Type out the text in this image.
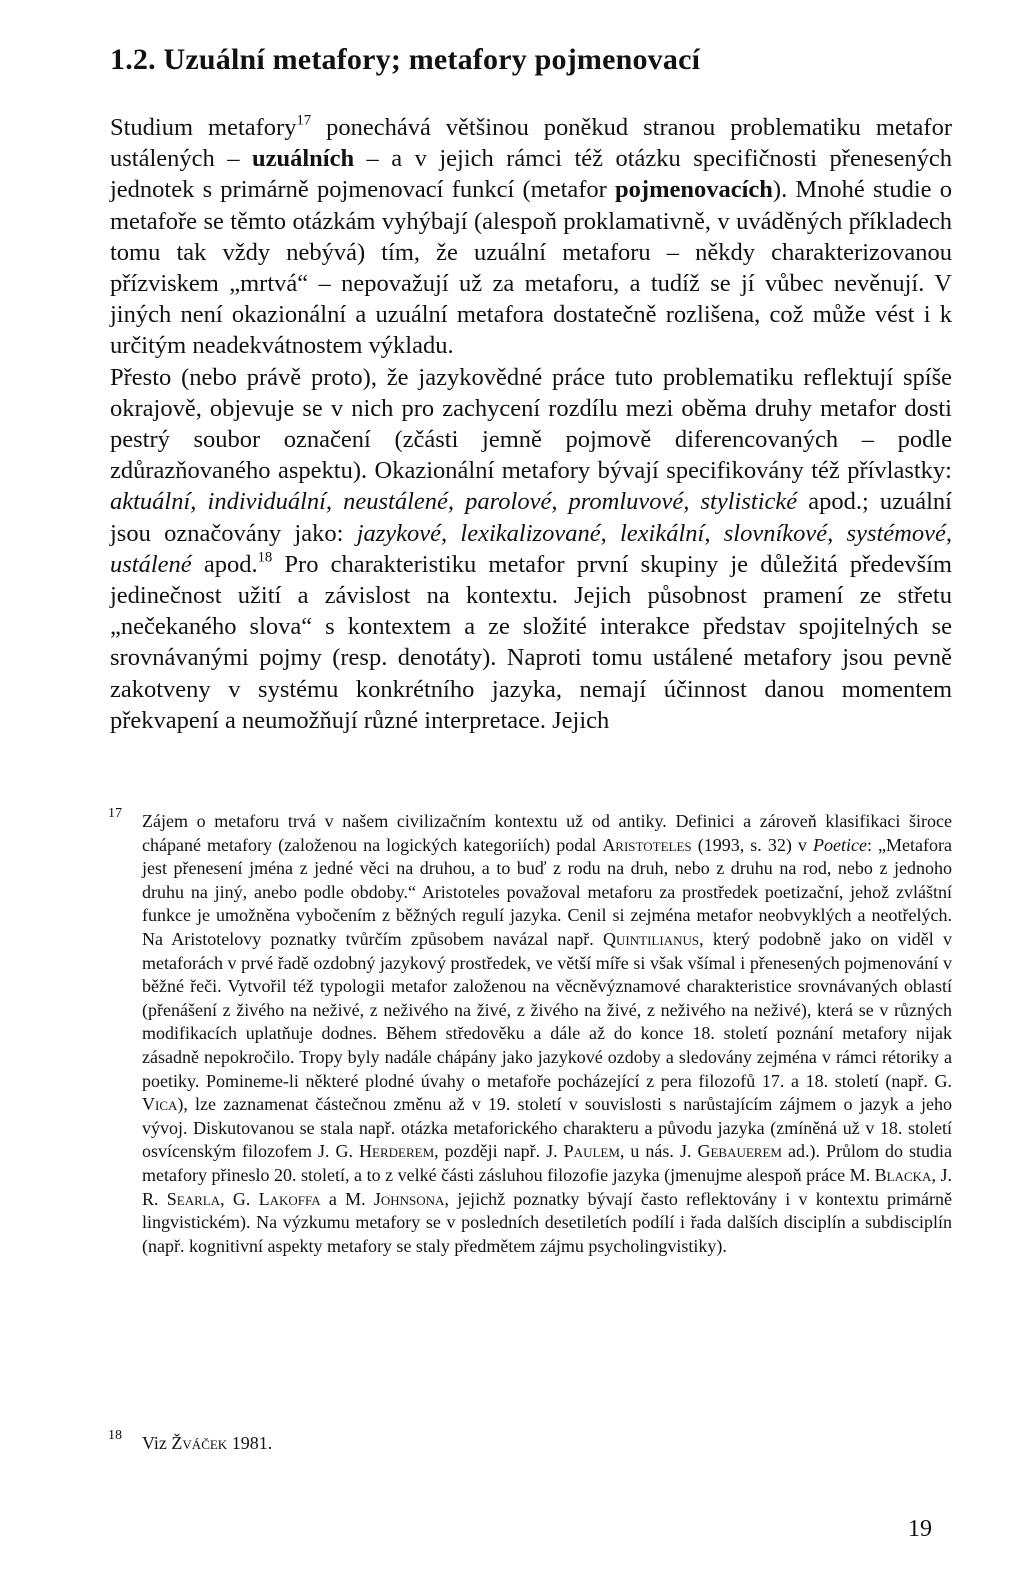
1.2. Uzuální metafory; metafory pojmenovací

Studium metafory$^{17}$ ponechává většinou poněkud stranou problematiku metafor ustálených – uzuálních – a v jejich rámci též otázku specifičnosti přenesených jednotek s primárně pojmenovací funkcí (metafor pojmenovacích). Mnohé studie o metafoře se těmto otázkám vyhýbají (alespoň proklamativně, v uváděných příkladech tomu tak vždy nebývá) tím, že uzuální metaforu – někdy charakterizovanou přízviskem „mrtvá“ – nepovažují už za metaforu, a tudíž se jí vůbec nevěnují. V jiných není okazionální a uzuální metafora dostatečně rozlišena, což může vést i k určitým neadekvátnostem výkladu.

Přesto (nebo právě proto), že jazykovědné práce tuto problematiku reflektují spíše okrajově, objevuje se v nich pro zachycení rozdílu mezi oběma druhy metafor dosti pestrý soubor označení (zčásti jemně pojmově diferencovaných – podle zdůrazňovaného aspektu). Okazionální metafory bývají specifikovány též přívlastky: aktuální, individuální, neustálené, parolové, promluvové, stylistické apod.; uzuální jsou označovány jako: jazykové, lexikalizované, lexikální, slovníkové, systémové, ustálené apod.$^{18}$ Pro charakteristiku metafor první skupiny je důležitá především jedinečnost užití a závislost na kontextu. Jejich působnost pramení ze střetu „nečekaného slova“ s kontextem a ze složité interakce představ spojitelných se srovnávanými pojmy (resp. denotáty). Naproti tomu ustálené metafory jsou pevně zakotveny v systému konkrétního jazyka, nemají účinnost danou momentem překvapení a neumožňují různé interpretace. Jejich

17	Zájem o metaforu trvá v našem civilizačním kontextu už od antiky. Definici a zároveň klasifikaci široce chápané metafory (založenou na logických kategoriích) podal Aristoteles (1993, s. 32) v Poetice: „Metafora jest přenesení jména z jedné věci na druhou, a to buď z rodu na druh, nebo z druhu na rod, nebo z jednoho druhu na jiný, anebo podle obdoby.“ Aristoteles považoval metaforu za prostředek poetizační, jehož zvláštní funkce je umožněna vybočením z běžných regulí jazyka. Cenil si zejména metafor neobvyklých a neotřelých. Na Aristotelovy poznatky tvůrčím způsobem navázal např. Quintilianus, který podobně jako on viděl v metaforách v prvé řadě ozdobný jazykový prostředek, ve větší míře si však všímal i přenesených pojmenování v běžné řeči. Vytvořil též typologii metafor založenou na věcněvýznamové charakteristice srovnávaných oblastí (přenášení z živého na neživé, z neživého na živé, z živého na živé, z neživého na neživé), která se v různých modifikacích uplatňuje dodnes. Během středověku a dále až do konce 18. století poznání metafory nijak zásadně nepokročilo. Tropy byly nadále chápány jako jazykové ozdoby a sledovány zejména v rámci rétoriky a poetiky. Pomineme-li některé plodné úvahy o metafoře pocházející z pera filozofů 17. a 18. století (např. G. Vica), lze zaznamenat částečnou změnu až v 19. století v souvislosti s narůstajícím zájmem o jazyk a jeho vývoj. Diskutovanou se stala např. otázka metaforického charakteru a původu jazyka (zmíněná už v 18. století osvícenským filozofem J. G. Herderem, později např. J. Paulem, u nás. J. Gebauerem ad.). Průlom do studia metafory přineslo 20. století, a to z velké části zásluhou filozofie jazyka (jmenujme alespoň práce M. Blacka, J. R. Searla, G. Lakoffa a M. Johnsona, jejichž poznatky bývají často reflektovány i v kontextu primárně lingvistickém). Na výzkumu metafory se v posledních desetiletích podílí i řada dalších disciplín a subdisciplín (např. kognitivní aspekty metafory se staly předmětem zájmu psycholingvistiky).
18	Viz Žváček 1981.
19
